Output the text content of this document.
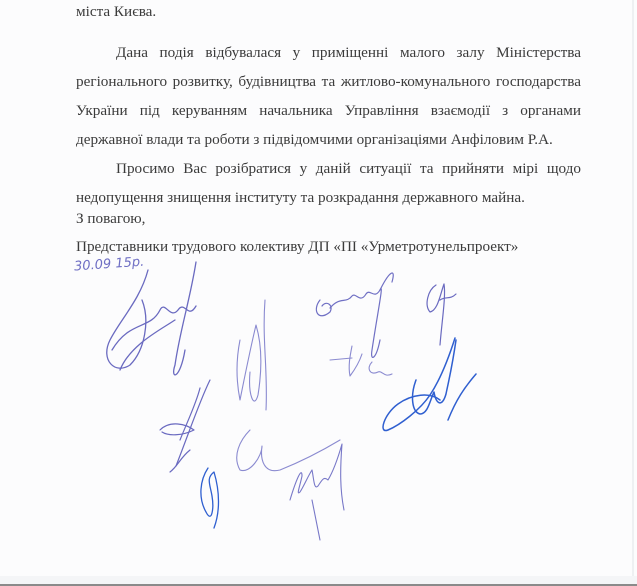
міста Києва.
Дана подія відбувалася у приміщенні малого залу Міністерства
регіонального розвитку, будівництва та житлово-комунального господарства
України під керуванням начальника Управління взаємодії з органами
державної влади та роботи з підвідомчими організаціями Анфіловим Р.А.
Просимо Вас розібратися у даній ситуації та прийняти мірі щодо
недопущення знищення інституту та розкрадання державного майна.
З повагою,
Представники трудового колективу ДП «ПІ «Урметротунельпроект»
30.09 15р.
